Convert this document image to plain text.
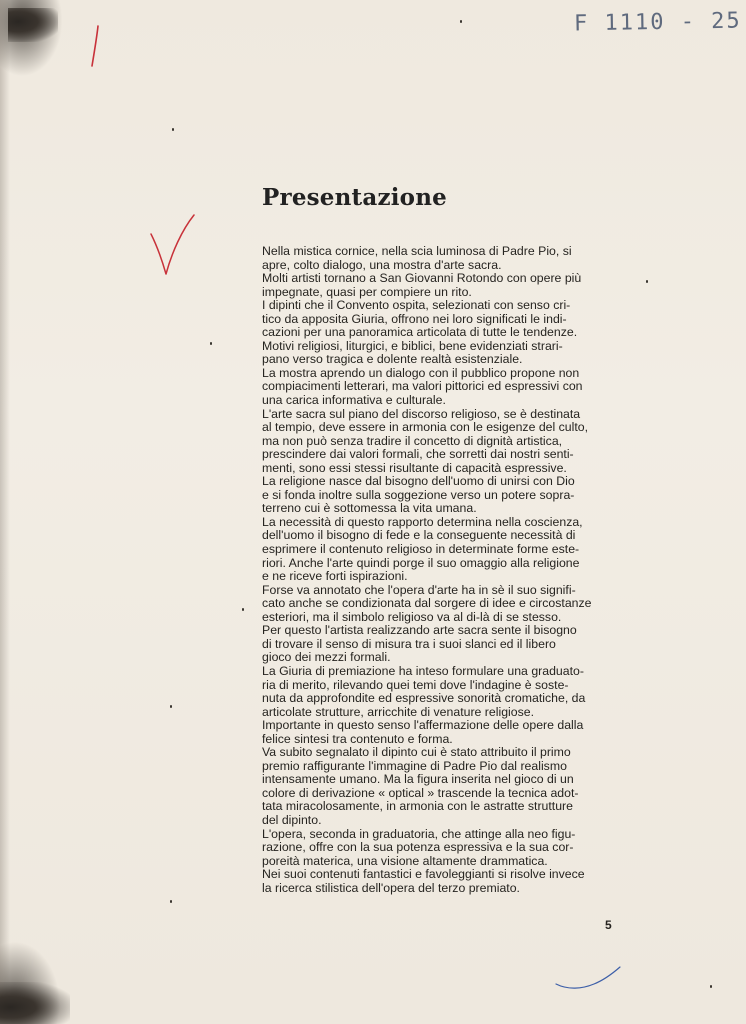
F 1110 - 25
Presentazione
Nella mistica cornice, nella scia luminosa di Padre Pio, si
apre, colto dialogo, una mostra d'arte sacra.
Molti artisti tornano a San Giovanni Rotondo con opere più
impegnate, quasi per compiere un rito.
I dipinti che il Convento ospita, selezionati con senso cri-
tico da apposita Giuria, offrono nei loro significati le indi-
cazioni per una panoramica articolata di tutte le tendenze.
Motivi religiosi, liturgici, e biblici, bene evidenziati strari-
pano verso tragica e dolente realtà esistenziale.
La mostra aprendo un dialogo con il pubblico propone non
compiacimenti letterari, ma valori pittorici ed espressivi con
una carica informativa e culturale.
L'arte sacra sul piano del discorso religioso, se è destinata
al tempio, deve essere in armonia con le esigenze del culto,
ma non può senza tradire il concetto di dignità artistica,
prescindere dai valori formali, che sorretti dai nostri senti-
menti, sono essi stessi risultante di capacità espressive.
La religione nasce dal bisogno dell'uomo di unirsi con Dio
e si fonda inoltre sulla soggezione verso un potere sopra-
terreno cui è sottomessa la vita umana.
La necessità di questo rapporto determina nella coscienza,
dell'uomo il bisogno di fede e la conseguente necessità di
esprimere il contenuto religioso in determinate forme este-
riori. Anche l'arte quindi porge il suo omaggio alla religione
e ne riceve forti ispirazioni.
Forse va annotato che l'opera d'arte ha in sè il suo signifi-
cato anche se condizionata dal sorgere di idee e circostanze
esteriori, ma il simbolo religioso va al di-là di se stesso.
Per questo l'artista realizzando arte sacra sente il bisogno
di trovare il senso di misura tra i suoi slanci ed il libero
gioco dei mezzi formali.
La Giuria di premiazione ha inteso formulare una graduato-
ria di merito, rilevando quei temi dove l'indagine è soste-
nuta da approfondite ed espressive sonorità cromatiche, da
articolate strutture, arricchite di venature religiose.
Importante in questo senso l'affermazione delle opere dalla
felice sintesi tra contenuto e forma.
Va subito segnalato il dipinto cui è stato attribuito il primo
premio raffigurante l'immagine di Padre Pio dal realismo
intensamente umano. Ma la figura inserita nel gioco di un
colore di derivazione « optical » trascende la tecnica adot-
tata miracolosamente, in armonia con le astratte strutture
del dipinto.
L'opera, seconda in graduatoria, che attinge alla neo figu-
razione, offre con la sua potenza espressiva e la sua cor-
poreità materica, una visione altamente drammatica.
Nei suoi contenuti fantastici e favoleggianti si risolve invece
la ricerca stilistica dell'opera del terzo premiato.
5
